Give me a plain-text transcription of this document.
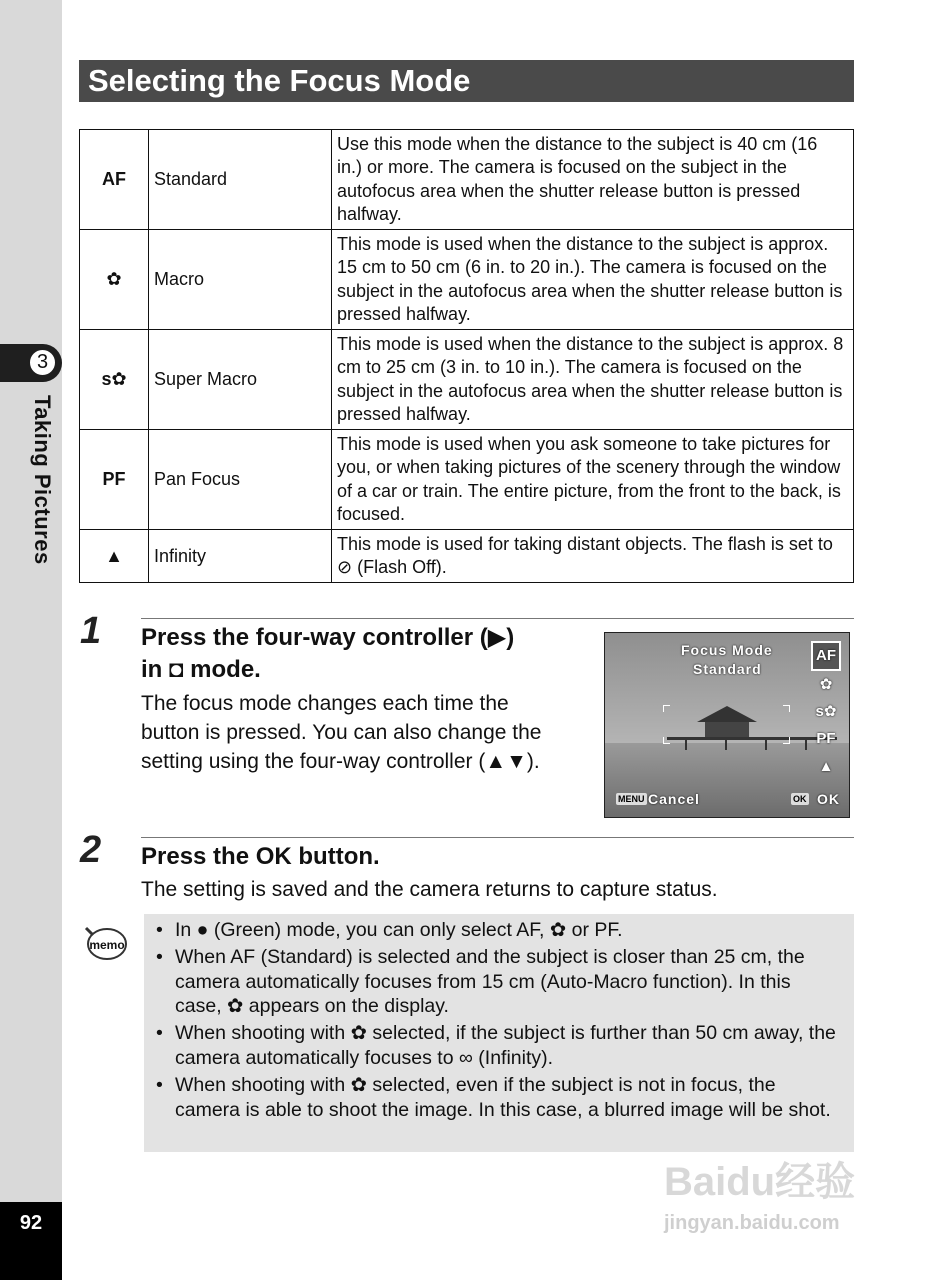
3
Taking Pictures
92
Selecting the Focus Mode
AF	Standard	Use this mode when the distance to the subject is 40 cm (16 in.) or more. The camera is focused on the subject in the autofocus area when the shutter release button is pressed halfway.
✿	Macro	This mode is used when the distance to the subject is approx. 15 cm to 50 cm (6 in. to 20 in.). The camera is focused on the subject in the autofocus area when the shutter release button is pressed halfway.
s✿	Super Macro	This mode is used when the distance to the subject is approx. 8 cm to 25 cm (3 in. to 10 in.). The camera is focused on the subject in the autofocus area when the shutter release button is pressed halfway.
PF	Pan Focus	This mode is used when you ask someone to take pictures for you, or when taking pictures of the scenery through the window of a car or train. The entire picture, from the front to the back, is focused.
▲	Infinity	This mode is used for taking distant objects. The flash is set to ⊘ (Flash Off).
1 Press the four-way controller (▶)
in ◘ mode.
The focus mode changes each time the
button is pressed. You can also change the
setting using the four-way controller (▲▼).
Focus Mode
Standard
AF
✿
s✿
PF
▲
MENU Cancel	OK OK
2 Press the OK button.
The setting is saved and the camera returns to capture status.
memo
• In ● (Green) mode, you can only select AF, ✿ or PF.
• When AF (Standard) is selected and the subject is closer than 25 cm, the camera automatically focuses from 15 cm (Auto-Macro function). In this case, ✿ appears on the display.
• When shooting with ✿ selected, if the subject is further than 50 cm away, the camera automatically focuses to ∞ (Infinity).
• When shooting with ✿ selected, even if the subject is not in focus, the camera is able to shoot the image. In this case, a blurred image will be shot.
Baidu经验
jingyan.baidu.com
